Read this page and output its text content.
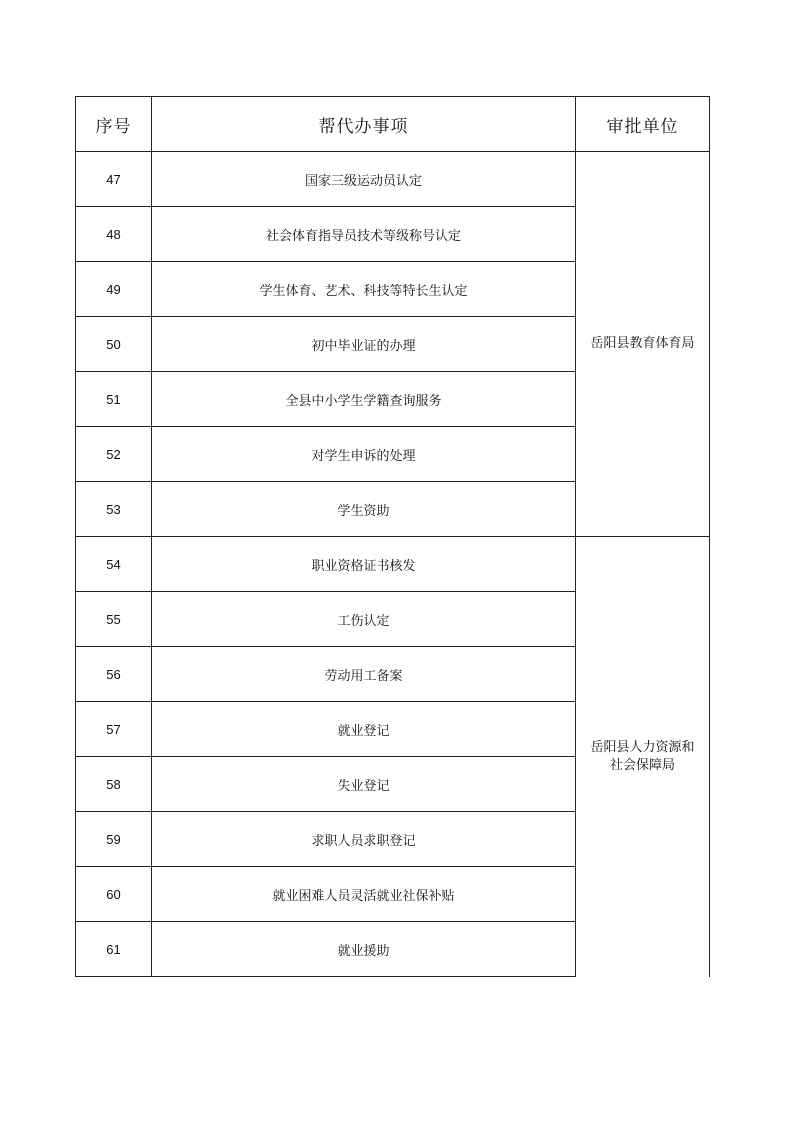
序号	帮代办事项	审批单位
47	国家三级运动员认定	岳阳县教育体育局
48	社会体育指导员技术等级称号认定	
49	学生体育、艺术、科技等特长生认定	
50	初中毕业证的办理	
51	全县中小学生学籍查询服务	
52	对学生申诉的处理	
53	学生资助	
54	职业资格证书核发	岳阳县人力资源和
社会保障局

55	工伤认定	
56	劳动用工备案	
57	就业登记	
58	失业登记	
59	求职人员求职登记	
60	就业困难人员灵活就业社保补贴	
61	就业援助	
